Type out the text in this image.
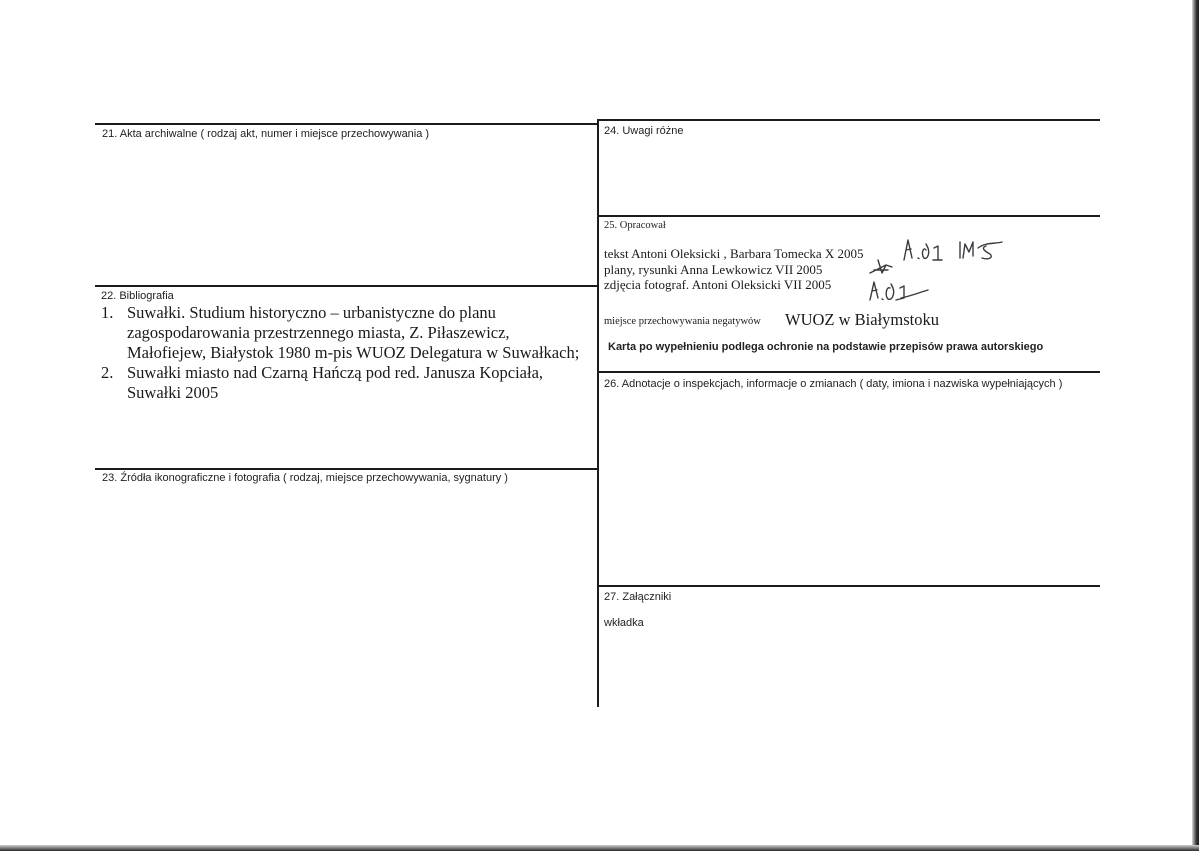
21. Akta archiwalne ( rodzaj akt, numer i miejsce przechowywania )
22. Bibliografia
1. Suwałki. Studium historyczno – urbanistyczne do planu zagospodarowania przestrzennego miasta, Z. Piłaszewicz, Małofiejew, Białystok 1980 m-pis WUOZ Delegatura w Suwałkach;
2. Suwałki miasto nad Czarną Hańczą pod red. Janusza Kopciała, Suwałki 2005
23. Źródła ikonograficzne i fotografia ( rodzaj, miejsce przechowywania, sygnatury )
24. Uwagi różne
25. Opracował
tekst Antoni Oleksicki , Barbara Tomecka X 2005
plany, rysunki Anna Lewkowicz VII 2005
zdjęcia fotograf. Antoni Oleksicki VII 2005
miejsce przechowywania negatywów WUOZ w Białymstoku
Karta po wypełnieniu podlega ochronie na podstawie przepisów prawa autorskiego
26. Adnotacje o inspekcjach, informacje o zmianach ( daty, imiona i nazwiska wypełniających )
27. Załączniki
wkładka
